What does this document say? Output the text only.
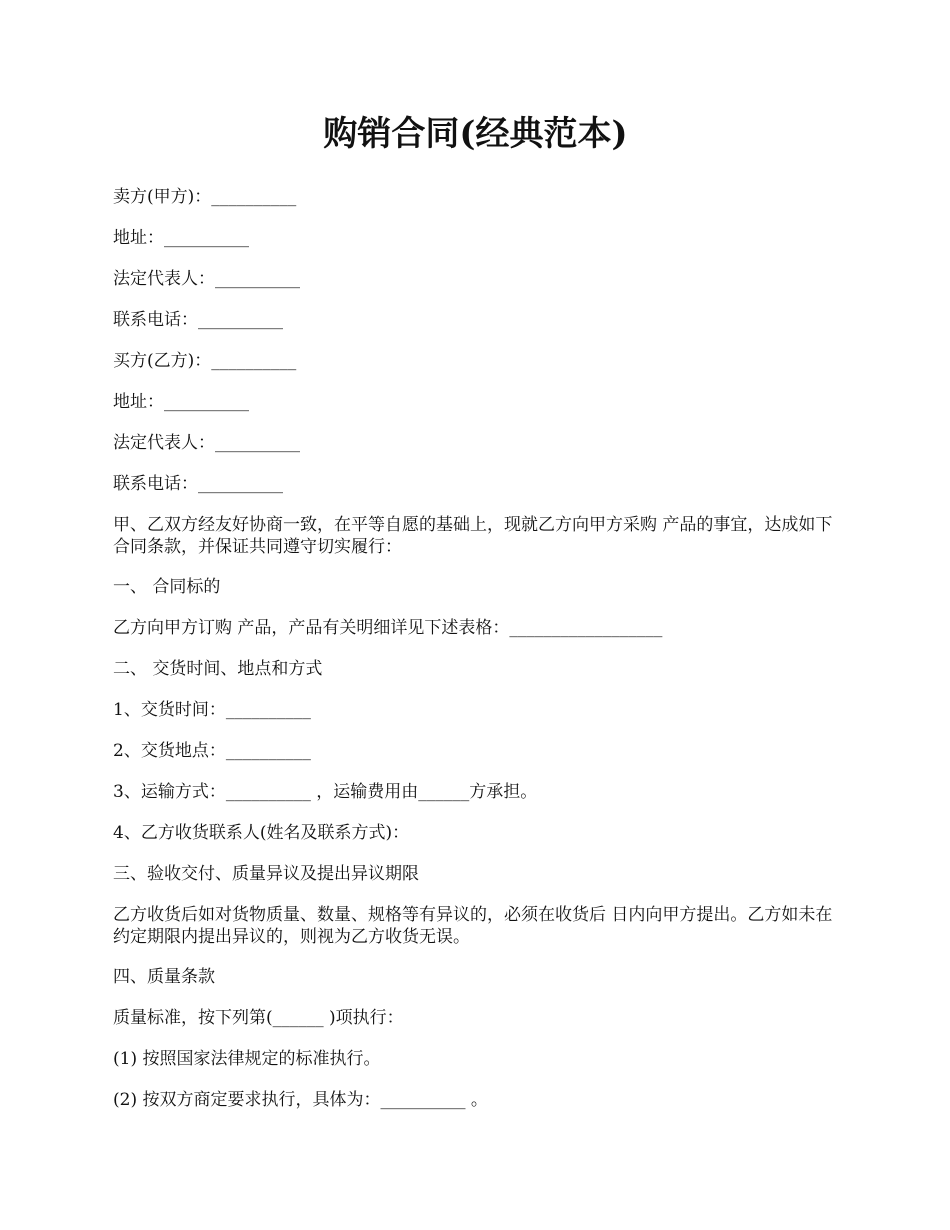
购销合同(经典范本)

卖方(甲方)：__________

地址：__________

法定代表人：__________

联系电话：__________

买方(乙方)：__________

地址：__________

法定代表人：__________

联系电话：__________

甲、乙双方经友好协商一致，在平等自愿的基础上，现就乙方向甲方采购 产品的事宜，达成如下合同条款，并保证共同遵守切实履行：

一、 合同标的

乙方向甲方订购 产品，产品有关明细详见下述表格：__________________

二、 交货时间、地点和方式

1、交货时间：__________

2、交货地点：__________

3、运输方式：__________ ，运输费用由______方承担。

4、乙方收货联系人(姓名及联系方式)：

三、验收交付、质量异议及提出异议期限

乙方收货后如对货物质量、数量、规格等有异议的，必须在收货后 日内向甲方提出。乙方如未在约定期限内提出异议的，则视为乙方收货无误。

四、质量条款

质量标准，按下列第(______ )项执行：

(1) 按照国家法律规定的标准执行。

(2) 按双方商定要求执行，具体为：__________ 。
